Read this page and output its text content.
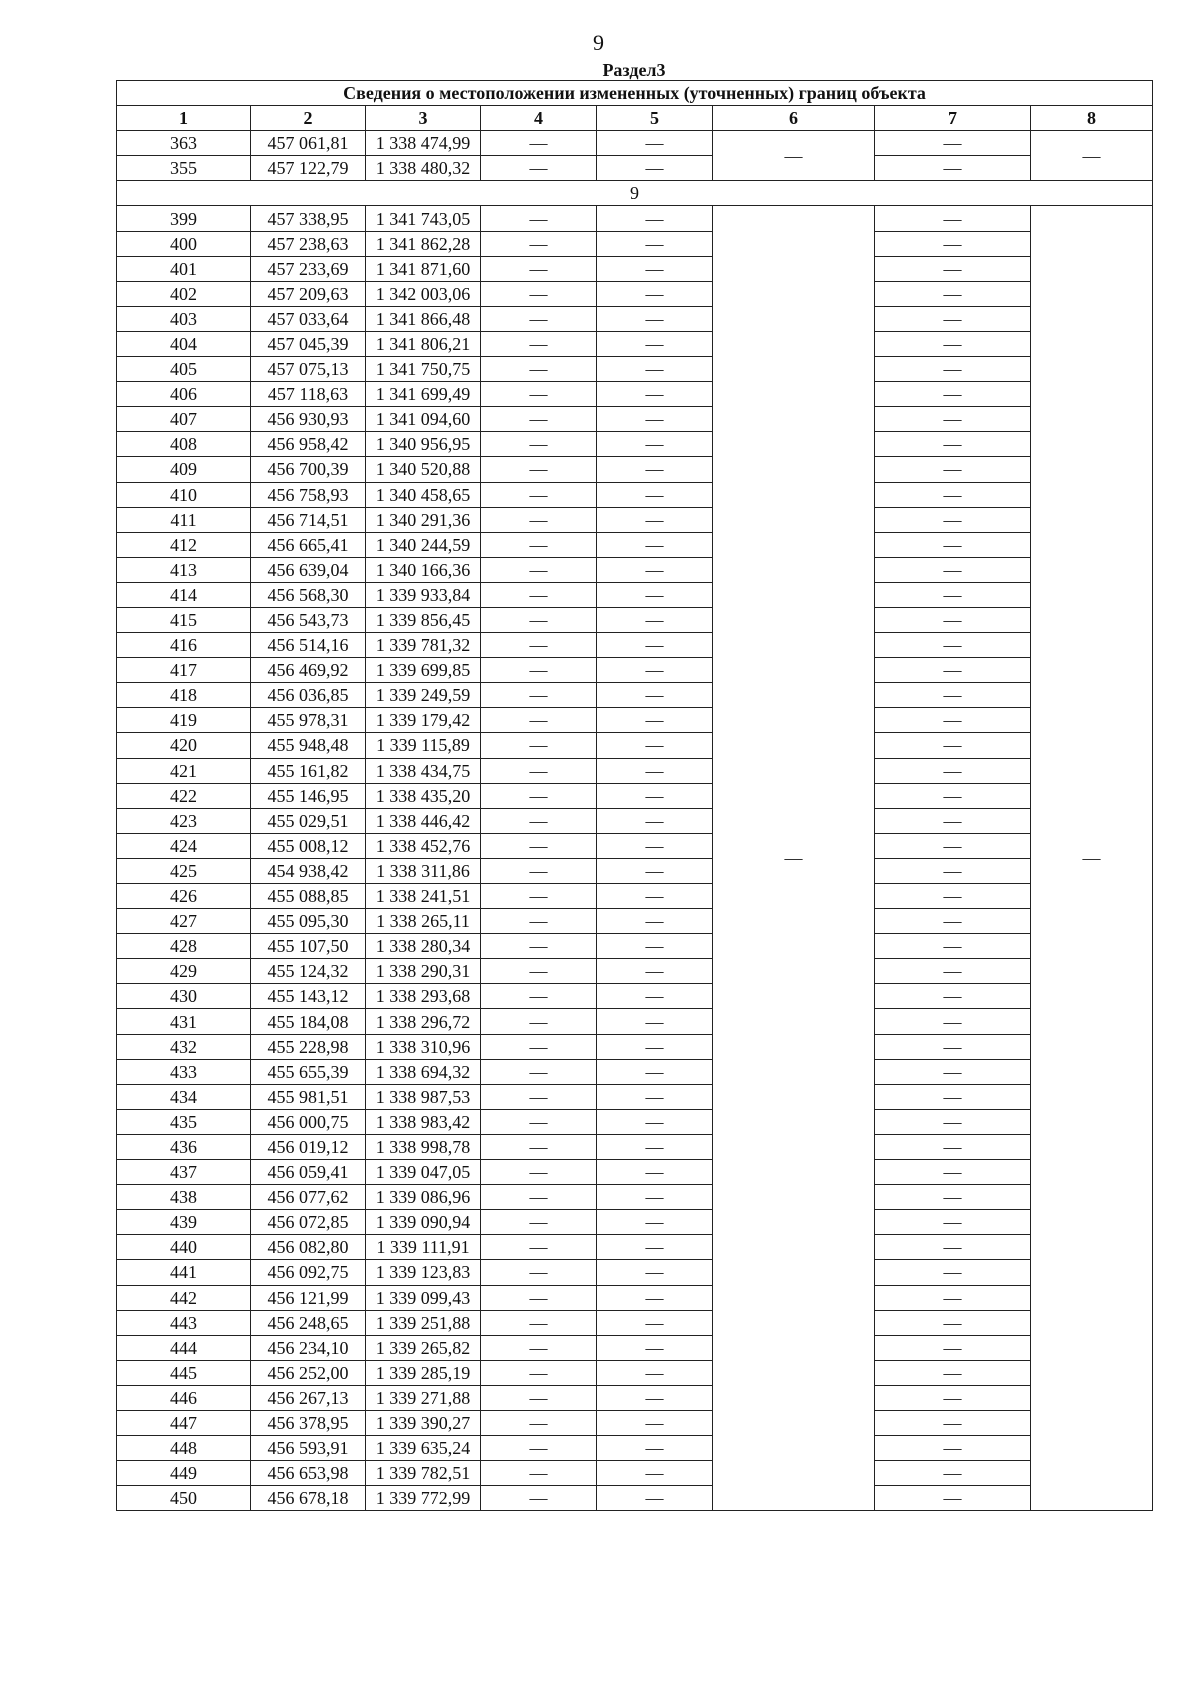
9
Раздел3
Сведения о местоположении измененных (уточненных) границ объекта							
1	2	3	4	5	6	7	8
363	457 061,81	1 338 474,99	—	—	—	—	—
355	457 122,79	1 338 480,32	—	—		—	
9							
399	457 338,95	1 341 743,05	—	—	—	—	—
400	457 238,63	1 341 862,28	—	—		—	
401	457 233,69	1 341 871,60	—	—		—	
402	457 209,63	1 342 003,06	—	—		—	
403	457 033,64	1 341 866,48	—	—		—	
404	457 045,39	1 341 806,21	—	—		—	
405	457 075,13	1 341 750,75	—	—		—	
406	457 118,63	1 341 699,49	—	—		—	
407	456 930,93	1 341 094,60	—	—		—	
408	456 958,42	1 340 956,95	—	—		—	
409	456 700,39	1 340 520,88	—	—		—	
410	456 758,93	1 340 458,65	—	—		—	
411	456 714,51	1 340 291,36	—	—		—	
412	456 665,41	1 340 244,59	—	—		—	
413	456 639,04	1 340 166,36	—	—		—	
414	456 568,30	1 339 933,84	—	—		—	
415	456 543,73	1 339 856,45	—	—		—	
416	456 514,16	1 339 781,32	—	—		—	
417	456 469,92	1 339 699,85	—	—		—	
418	456 036,85	1 339 249,59	—	—		—	
419	455 978,31	1 339 179,42	—	—		—	
420	455 948,48	1 339 115,89	—	—		—	
421	455 161,82	1 338 434,75	—	—		—	
422	455 146,95	1 338 435,20	—	—		—	
423	455 029,51	1 338 446,42	—	—		—	
424	455 008,12	1 338 452,76	—	—		—	
425	454 938,42	1 338 311,86	—	—		—	
426	455 088,85	1 338 241,51	—	—		—	
427	455 095,30	1 338 265,11	—	—		—	
428	455 107,50	1 338 280,34	—	—		—	
429	455 124,32	1 338 290,31	—	—		—	
430	455 143,12	1 338 293,68	—	—		—	
431	455 184,08	1 338 296,72	—	—		—	
432	455 228,98	1 338 310,96	—	—		—	
433	455 655,39	1 338 694,32	—	—		—	
434	455 981,51	1 338 987,53	—	—		—	
435	456 000,75	1 338 983,42	—	—		—	
436	456 019,12	1 338 998,78	—	—		—	
437	456 059,41	1 339 047,05	—	—		—	
438	456 077,62	1 339 086,96	—	—		—	
439	456 072,85	1 339 090,94	—	—		—	
440	456 082,80	1 339 111,91	—	—		—	
441	456 092,75	1 339 123,83	—	—		—	
442	456 121,99	1 339 099,43	—	—		—	
443	456 248,65	1 339 251,88	—	—		—	
444	456 234,10	1 339 265,82	—	—		—	
445	456 252,00	1 339 285,19	—	—		—	
446	456 267,13	1 339 271,88	—	—		—	
447	456 378,95	1 339 390,27	—	—		—	
448	456 593,91	1 339 635,24	—	—		—	
449	456 653,98	1 339 782,51	—	—		—	
450	456 678,18	1 339 772,99	—	—		—	
